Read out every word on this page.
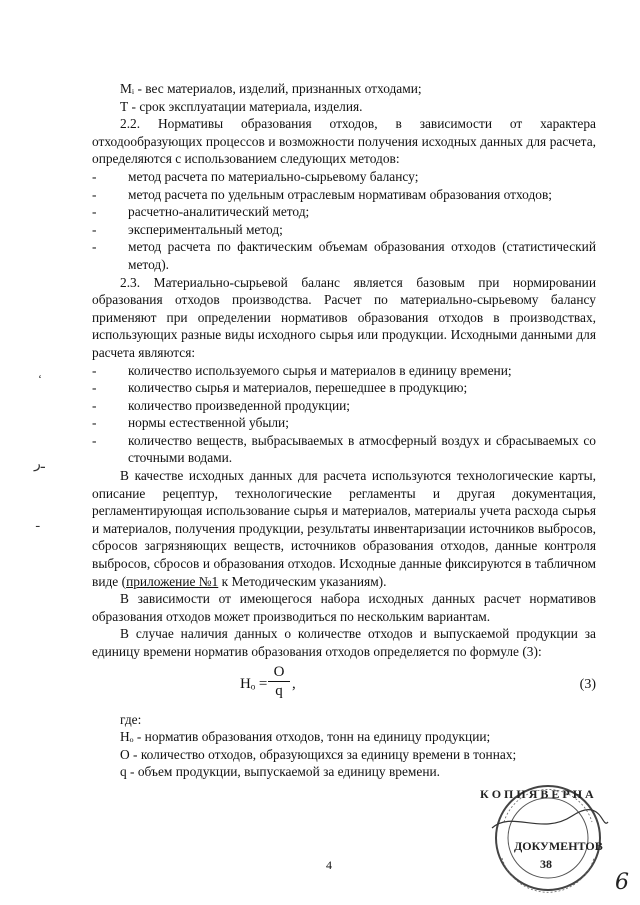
Mᵢ - вес материалов, изделий, признанных отходами;

Т - срок эксплуатации материала, изделия.

2.2. Нормативы образования отходов, в зависимости от характера отходообразующих процессов и возможности получения исходных данных для расчета, определяются с использованием следующих методов:

-	метод расчета по материально-сырьевому балансу;
-	метод расчета по удельным отраслевым нормативам образования отходов;
-	расчетно-аналитический метод;
-	экспериментальный метод;
-	метод расчета по фактическим объемам образования отходов (статистический метод).

2.3. Материально-сырьевой баланс является базовым при нормировании образования отходов производства. Расчет по материально-сырьевому балансу применяют при определении нормативов образования отходов в производствах, использующих разные виды исходного сырья или продукции. Исходными данными для расчета являются:

-	количество используемого сырья и материалов в единицу времени;
-	количество сырья и материалов, перешедшее в продукцию;
-	количество произведенной продукции;
-	нормы естественной убыли;
-	количество веществ, выбрасываемых в атмосферный воздух и сбрасываемых со сточными водами.

В качестве исходных данных для расчета используются технологические карты, описание рецептур, технологические регламенты и другая документация, регламентирующая использование сырья и материалов, материалы учета расхода сырья и материалов, получения продукции, результаты инвентаризации источников выбросов, сбросов загрязняющих веществ, источников образования отходов, данные контроля выбросов, сбросов и образования отходов. Исходные данные фиксируются в табличном виде (приложение №1 к Методическим указаниям).

В зависимости от имеющегося набора исходных данных расчет нормативов образования отходов может производиться по нескольким вариантам.

В случае наличия данных о количестве отходов и выпускаемой продукции за единицу времени норматив образования отходов определяется по формуле (3):

$H_o = \frac{O}{q}$ ,	(3)

где:

Hₒ - норматив образования отходов, тонн на единицу продукции;

О - количество отходов, образующихся за единицу времени в тоннах;

q - объем продукции, выпускаемой за единицу времени.

‘
ـﺭ
ـ
4
К О П И Я В Е Р Н А
ДОКУМЕНТОВ
38
6
